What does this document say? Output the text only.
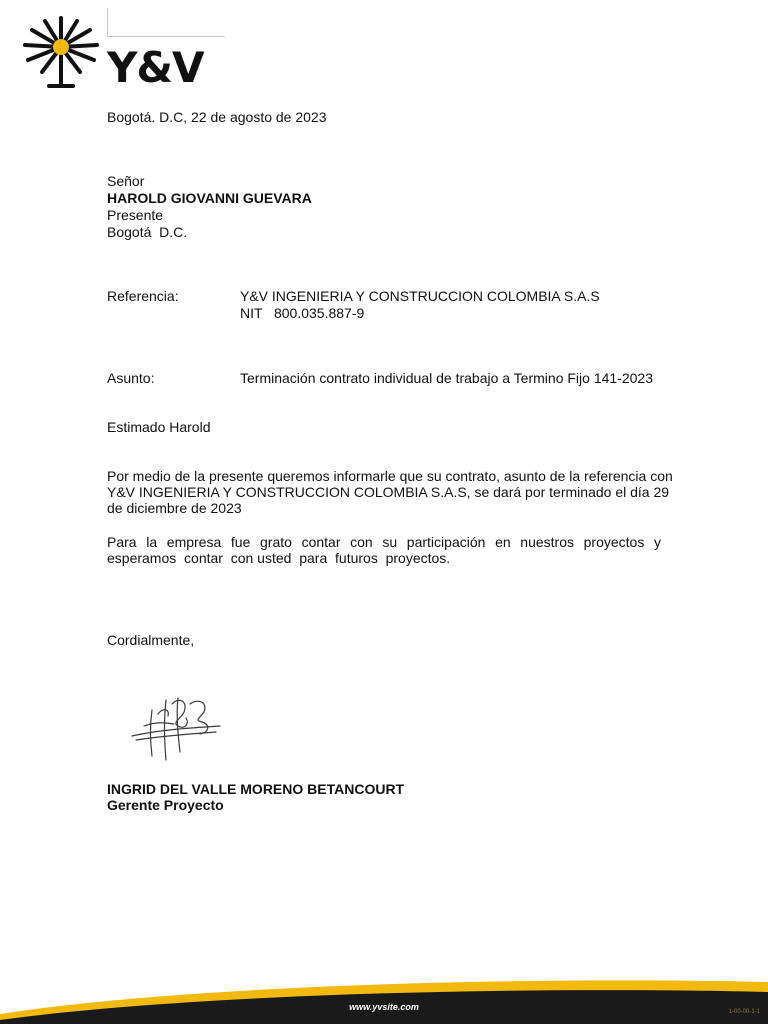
Y&V

Bogotá. D.C, 22 de agosto de 2023

Señor

HAROLD GIOVANNI GUEVARA

Presente

Bogotá  D.C.

Referencia:	Y&V INGENIERIA Y CONSTRUCCION COLOMBIA S.A.S

NIT   800.035.887-9

Asunto:	Terminación contrato individual de trabajo a Termino Fijo 141-2023

Estimado Harold

Por medio de la presente queremos informarle que su contrato, asunto de la referencia con

Y&V INGENIERIA Y CONSTRUCCION COLOMBIA S.A.S, se dará por terminado el día 29

de diciembre de 2023

Para la empresa fue grato contar con su participación en nuestros proyectos y

esperamos  contar  con usted  para  futuros  proyectos.

Cordialmente,

INGRID DEL VALLE MORENO BETANCOURT

Gerente Proyecto

www.yvsite.com	1-00-00-1-1
